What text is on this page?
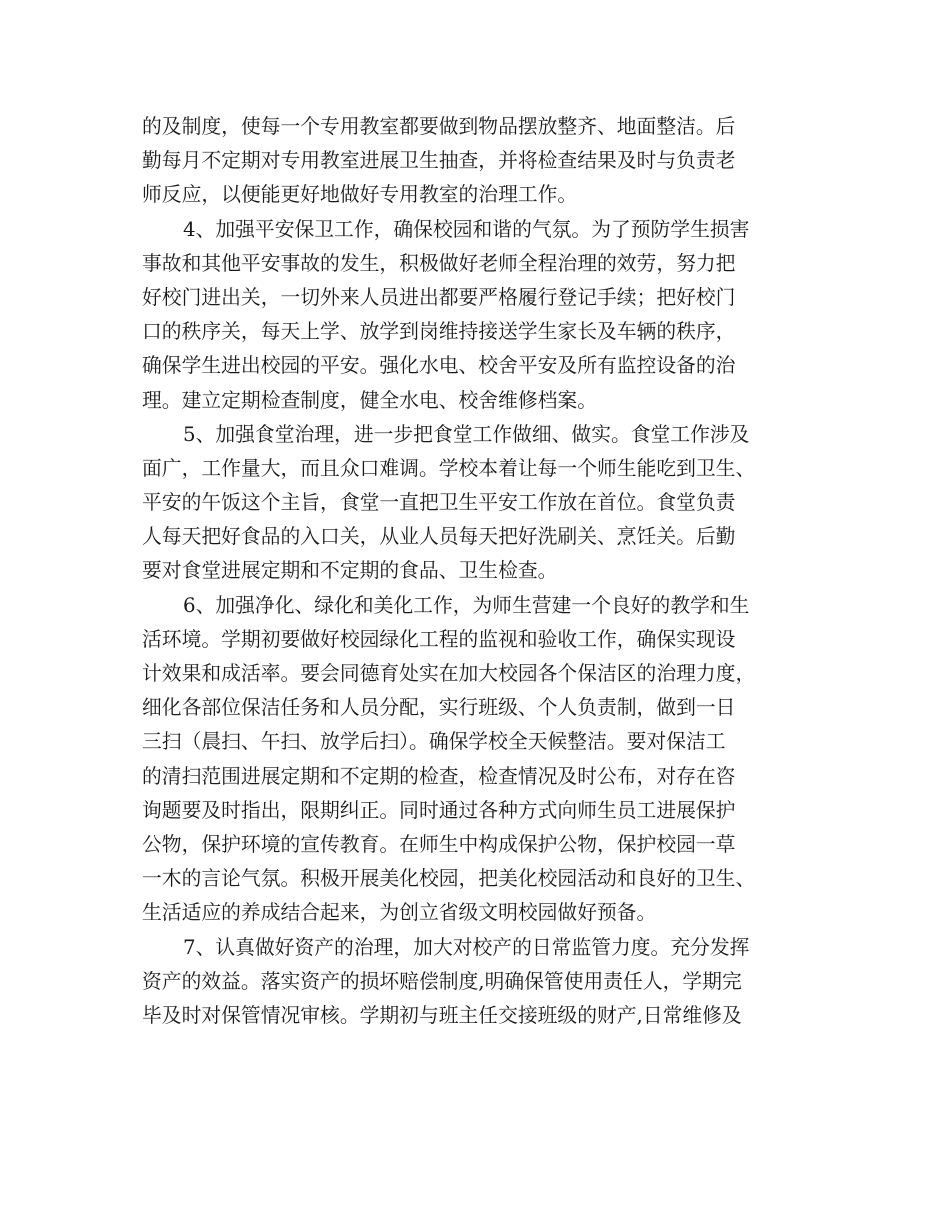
的及制度，使每一个专用教室都要做到物品摆放整齐、地面整洁。后
勤每月不定期对专用教室进展卫生抽查，并将检查结果及时与负责老
师反应，以便能更好地做好专用教室的治理工作。
4、加强平安保卫工作，确保校园和谐的气氛。为了预防学生损害
事故和其他平安事故的发生，积极做好老师全程治理的效劳，努力把
好校门进出关，一切外来人员进出都要严格履行登记手续；把好校门
口的秩序关，每天上学、放学到岗维持接送学生家长及车辆的秩序，
确保学生进出校园的平安。强化水电、校舍平安及所有监控设备的治
理。建立定期检查制度，健全水电、校舍维修档案。
5、加强食堂治理，进一步把食堂工作做细、做实。食堂工作涉及
面广，工作量大，而且众口难调。学校本着让每一个师生能吃到卫生、
平安的午饭这个主旨，食堂一直把卫生平安工作放在首位。食堂负责
人每天把好食品的入口关，从业人员每天把好洗刷关、烹饪关。后勤
要对食堂进展定期和不定期的食品、卫生检查。
6、加强净化、绿化和美化工作，为师生营建一个良好的教学和生
活环境。学期初要做好校园绿化工程的监视和验收工作，确保实现设
计效果和成活率。要会同德育处实在加大校园各个保洁区的治理力度，
细化各部位保洁任务和人员分配，实行班级、个人负责制，做到一日
三扫（晨扫、午扫、放学后扫）。确保学校全天候整洁。要对保洁工
的清扫范围进展定期和不定期的检查，检查情况及时公布，对存在咨
询题要及时指出，限期纠正。同时通过各种方式向师生员工进展保护
公物，保护环境的宣传教育。在师生中构成保护公物，保护校园一草
一木的言论气氛。积极开展美化校园，把美化校园活动和良好的卫生、
生活适应的养成结合起来，为创立省级文明校园做好预备。
7、认真做好资产的治理，加大对校产的日常监管力度。充分发挥
资产的效益。落实资产的损坏赔偿制度,明确保管使用责任人，学期完
毕及时对保管情况审核。学期初与班主任交接班级的财产,日常维修及
